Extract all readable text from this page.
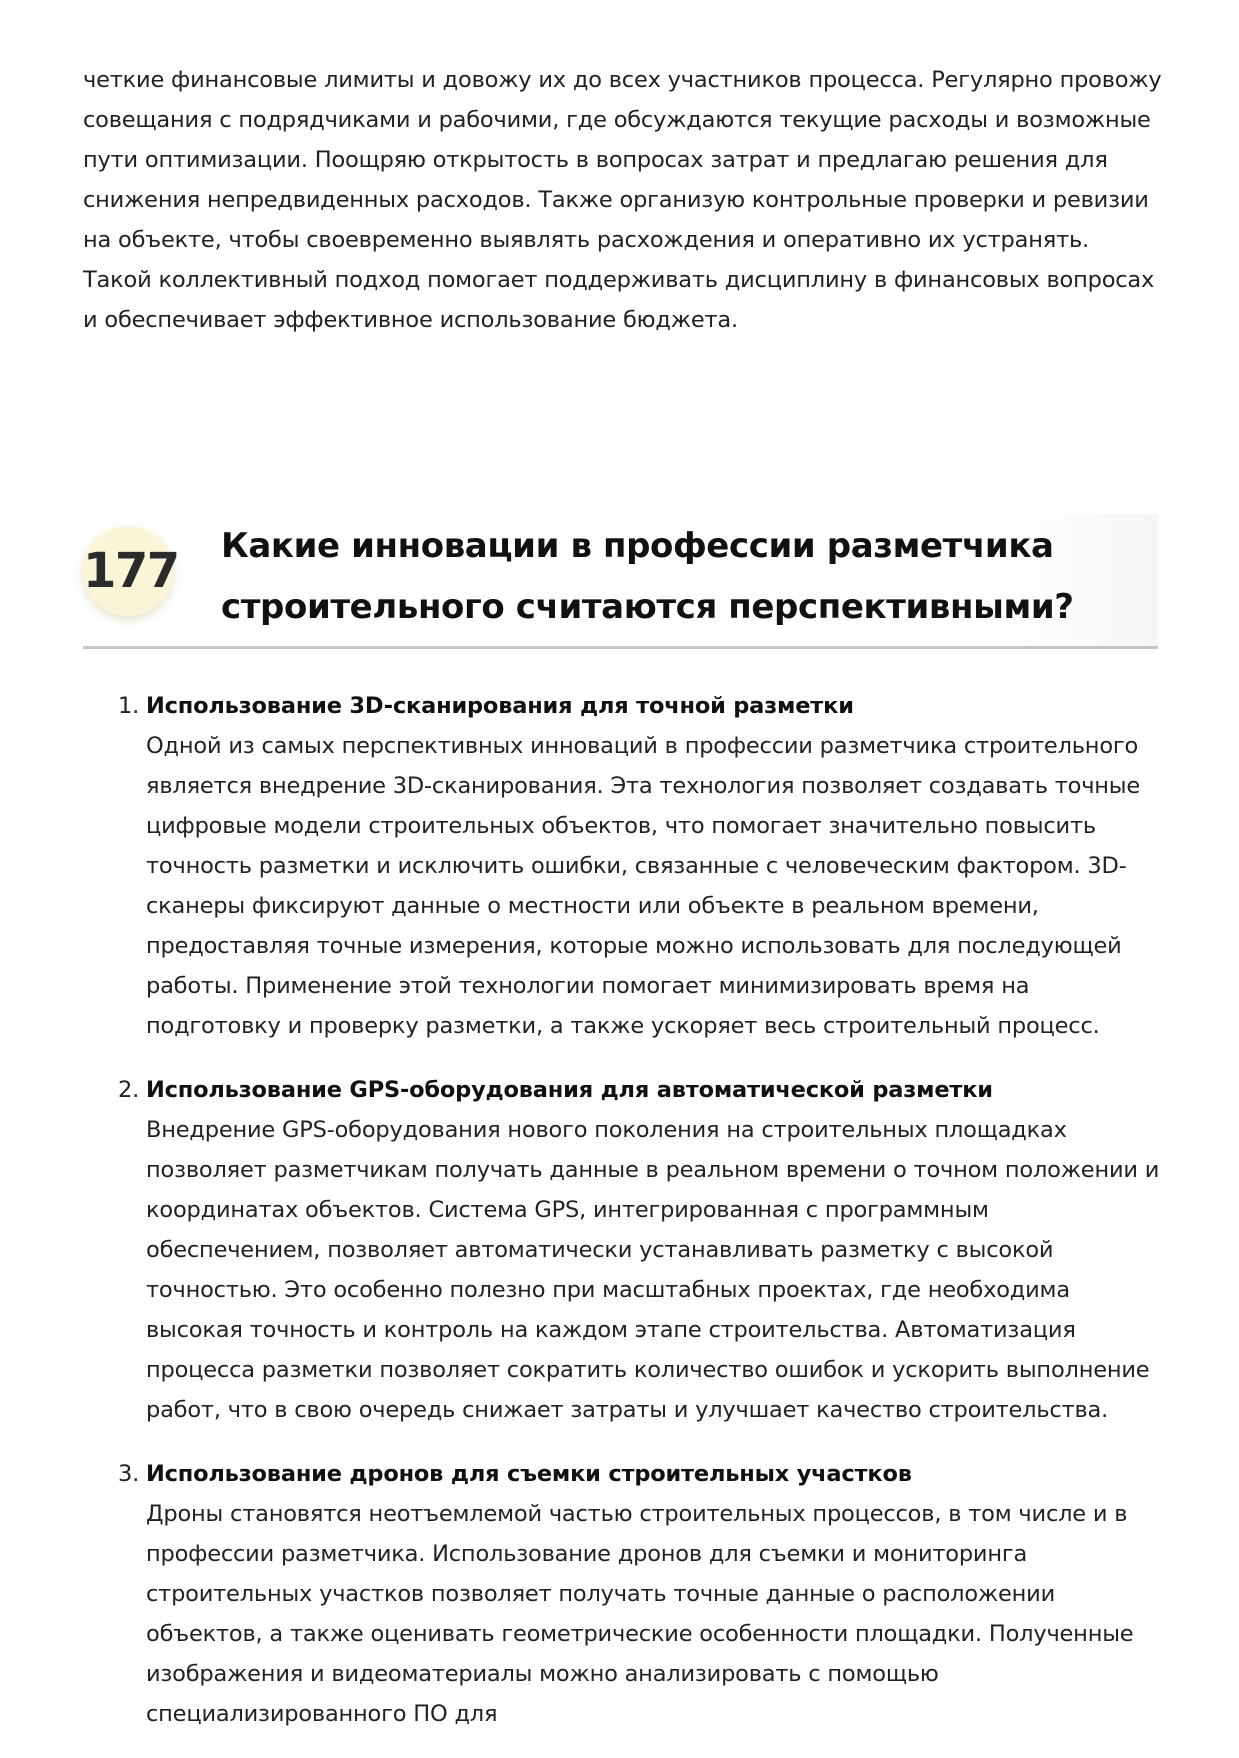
четкие финансовые лимиты и довожу их до всех участников процесса. Регулярно провожу совещания с подрядчиками и рабочими, где обсуждаются текущие расходы и возможные пути оптимизации. Поощряю открытость в вопросах затрат и предлагаю решения для снижения непредвиденных расходов. Также организую контрольные проверки и ревизии на объекте, чтобы своевременно выявлять расхождения и оперативно их устранять. Такой коллективный подход помогает поддерживать дисциплину в финансовых вопросах и обеспечивает эффективное использование бюджета.

177 Какие инновации в профессии разметчика строительного считаются перспективными?
1. Использование 3D-сканирования для точной разметки
Одной из самых перспективных инноваций в профессии разметчика строительного является внедрение 3D-сканирования. Эта технология позволяет создавать точные цифровые модели строительных объектов, что помогает значительно повысить точность разметки и исключить ошибки, связанные с человеческим фактором. 3D-сканеры фиксируют данные о местности или объекте в реальном времени, предоставляя точные измерения, которые можно использовать для последующей работы. Применение этой технологии помогает минимизировать время на подготовку и проверку разметки, а также ускоряет весь строительный процесс.
2. Использование GPS-оборудования для автоматической разметки
Внедрение GPS-оборудования нового поколения на строительных площадках позволяет разметчикам получать данные в реальном времени о точном положении и координатах объектов. Система GPS, интегрированная с программным обеспечением, позволяет автоматически устанавливать разметку с высокой точностью. Это особенно полезно при масштабных проектах, где необходима высокая точность и контроль на каждом этапе строительства. Автоматизация процесса разметки позволяет сократить количество ошибок и ускорить выполнение работ, что в свою очередь снижает затраты и улучшает качество строительства.
3. Использование дронов для съемки строительных участков
Дроны становятся неотъемлемой частью строительных процессов, в том числе и в профессии разметчика. Использование дронов для съемки и мониторинга строительных участков позволяет получать точные данные о расположении объектов, а также оценивать геометрические особенности площадки. Полученные изображения и видеоматериалы можно анализировать с помощью специализированного ПО для
